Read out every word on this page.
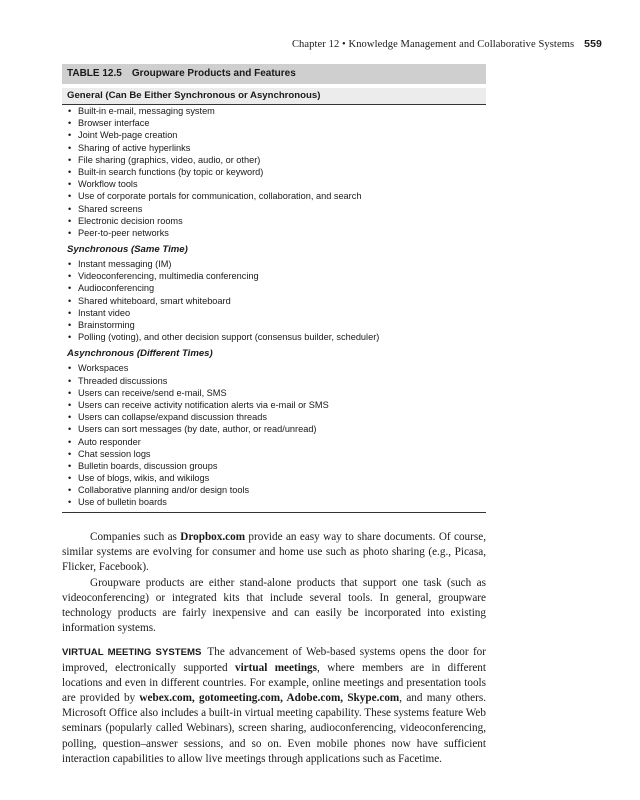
Chapter 12 • Knowledge Management and Collaborative Systems 559
TABLE 12.5 Groupware Products and Features
General (Can Be Either Synchronous or Asynchronous)
• Built-in e-mail, messaging system
• Browser interface
• Joint Web-page creation
• Sharing of active hyperlinks
• File sharing (graphics, video, audio, or other)
• Built-in search functions (by topic or keyword)
• Workflow tools
• Use of corporate portals for communication, collaboration, and search
• Shared screens
• Electronic decision rooms
• Peer-to-peer networks
Synchronous (Same Time)
• Instant messaging (IM)
• Videoconferencing, multimedia conferencing
• Audioconferencing
• Shared whiteboard, smart whiteboard
• Instant video
• Brainstorming
• Polling (voting), and other decision support (consensus builder, scheduler)
Asynchronous (Different Times)
• Workspaces
• Threaded discussions
• Users can receive/send e-mail, SMS
• Users can receive activity notification alerts via e-mail or SMS
• Users can collapse/expand discussion threads
• Users can sort messages (by date, author, or read/unread)
• Auto responder
• Chat session logs
• Bulletin boards, discussion groups
• Use of blogs, wikis, and wikilogs
• Collaborative planning and/or design tools
• Use of bulletin boards

Companies such as Dropbox.com provide an easy way to share documents. Of course, similar systems are evolving for consumer and home use such as photo sharing (e.g., Picasa, Flicker, Facebook).

Groupware products are either stand-alone products that support one task (such as videoconferencing) or integrated kits that include several tools. In general, groupware technology products are fairly inexpensive and can easily be incorporated into existing information systems.

VIRTUAL MEETING SYSTEMS The advancement of Web-based systems opens the door for improved, electronically supported virtual meetings, where members are in different locations and even in different countries. For example, online meetings and presentation tools are provided by webex.com, gotomeeting.com, Adobe.com, Skype.com, and many others. Microsoft Office also includes a built-in virtual meeting capability. These systems feature Web seminars (popularly called Webinars), screen sharing, audioconferencing, videoconferencing, polling, question–answer sessions, and so on. Even mobile phones now have sufficient interaction capabilities to allow live meetings through applications such as Facetime.
